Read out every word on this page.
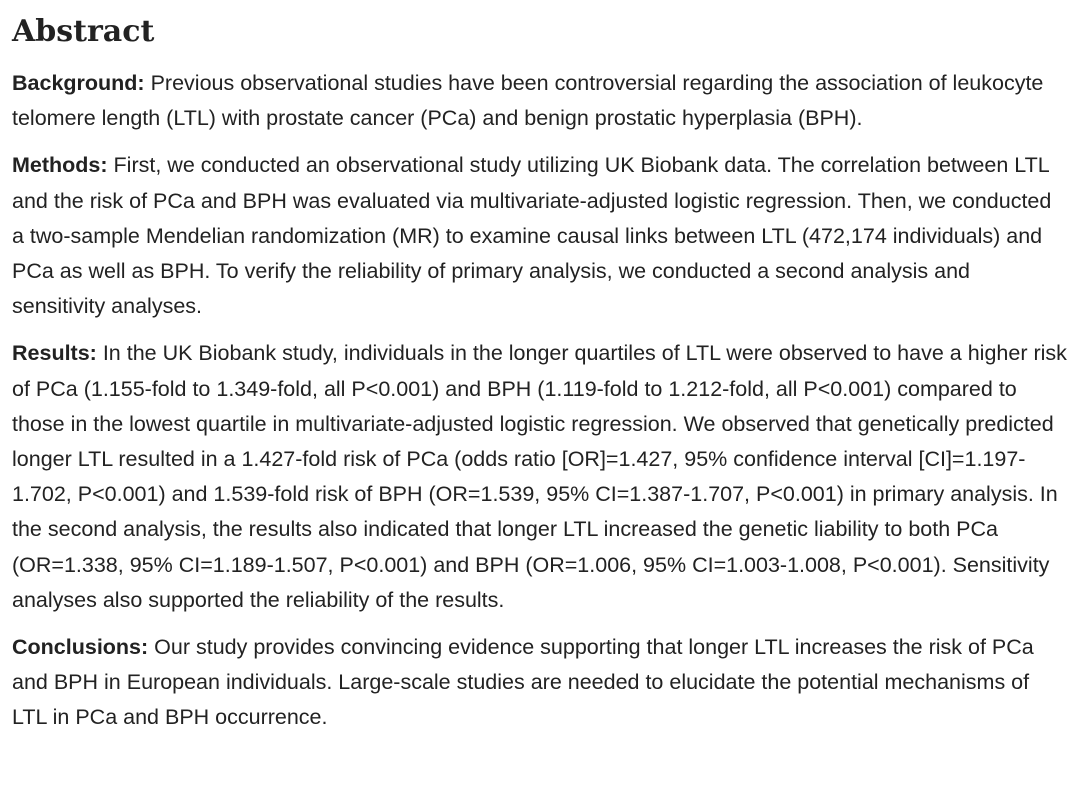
Abstract

Background: Previous observational studies have been controversial regarding the association of leukocyte telomere length (LTL) with prostate cancer (PCa) and benign prostatic hyperplasia (BPH).

Methods: First, we conducted an observational study utilizing UK Biobank data. The correlation between LTL and the risk of PCa and BPH was evaluated via multivariate-adjusted logistic regression. Then, we conducted a two-sample Mendelian randomization (MR) to examine causal links between LTL (472,174 individuals) and PCa as well as BPH. To verify the reliability of primary analysis, we conducted a second analysis and sensitivity analyses.

Results: In the UK Biobank study, individuals in the longer quartiles of LTL were observed to have a higher risk of PCa (1.155-fold to 1.349-fold, all P<0.001) and BPH (1.119-fold to 1.212-fold, all P<0.001) compared to those in the lowest quartile in multivariate-adjusted logistic regression. We observed that genetically predicted longer LTL resulted in a 1.427-fold risk of PCa (odds ratio [OR]=1.427, 95% confidence interval [CI]=1.197-1.702, P<0.001) and 1.539-fold risk of BPH (OR=1.539, 95% CI=1.387-1.707, P<0.001) in primary analysis. In the second analysis, the results also indicated that longer LTL increased the genetic liability to both PCa (OR=1.338, 95% CI=1.189-1.507, P<0.001) and BPH (OR=1.006, 95% CI=1.003-1.008, P<0.001). Sensitivity analyses also supported the reliability of the results.

Conclusions: Our study provides convincing evidence supporting that longer LTL increases the risk of PCa and BPH in European individuals. Large-scale studies are needed to elucidate the potential mechanisms of LTL in PCa and BPH occurrence.
